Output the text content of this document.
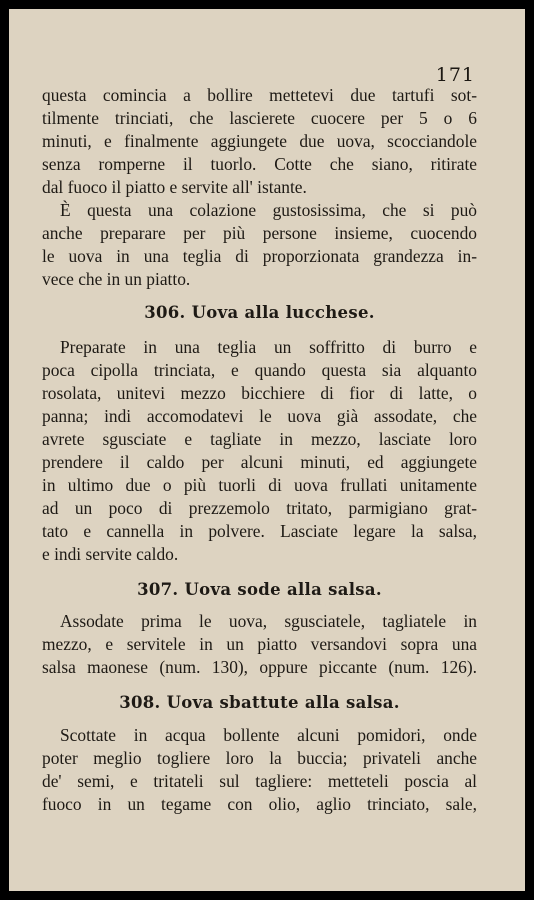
171
questa comincia a bollire mettetevi due tartufi sot-
tilmente trinciati, che lascierete cuocere per 5 o 6
minuti, e finalmente aggiungete due uova, scocciandole
senza romperne il tuorlo. Cotte che siano, ritirate
dal fuoco il piatto e servite all' istante.
È questa una colazione gustosissima, che si può
anche preparare per più persone insieme, cuocendo
le uova in una teglia di proporzionata grandezza in-
vece che in un piatto.
306. Uova alla lucchese.
Preparate in una teglia un soffritto di burro e
poca cipolla trinciata, e quando questa sia alquanto
rosolata, unitevi mezzo bicchiere di fior di latte, o
panna; indi accomodatevi le uova già assodate, che
avrete sgusciate e tagliate in mezzo, lasciate loro
prendere il caldo per alcuni minuti, ed aggiungete
in ultimo due o più tuorli di uova frullati unitamente
ad un poco di prezzemolo tritato, parmigiano grat-
tato e cannella in polvere. Lasciate legare la salsa,
e indi servite caldo.
307. Uova sode alla salsa.
Assodate prima le uova, sgusciatele, tagliatele in
mezzo, e servitele in un piatto versandovi sopra una
salsa maonese (num. 130), oppure piccante (num. 126).
308. Uova sbattute alla salsa.
Scottate in acqua bollente alcuni pomidori, onde
poter meglio togliere loro la buccia; privateli anche
de' semi, e tritateli sul tagliere: metteteli poscia al
fuoco in un tegame con olio, aglio trinciato, sale,
